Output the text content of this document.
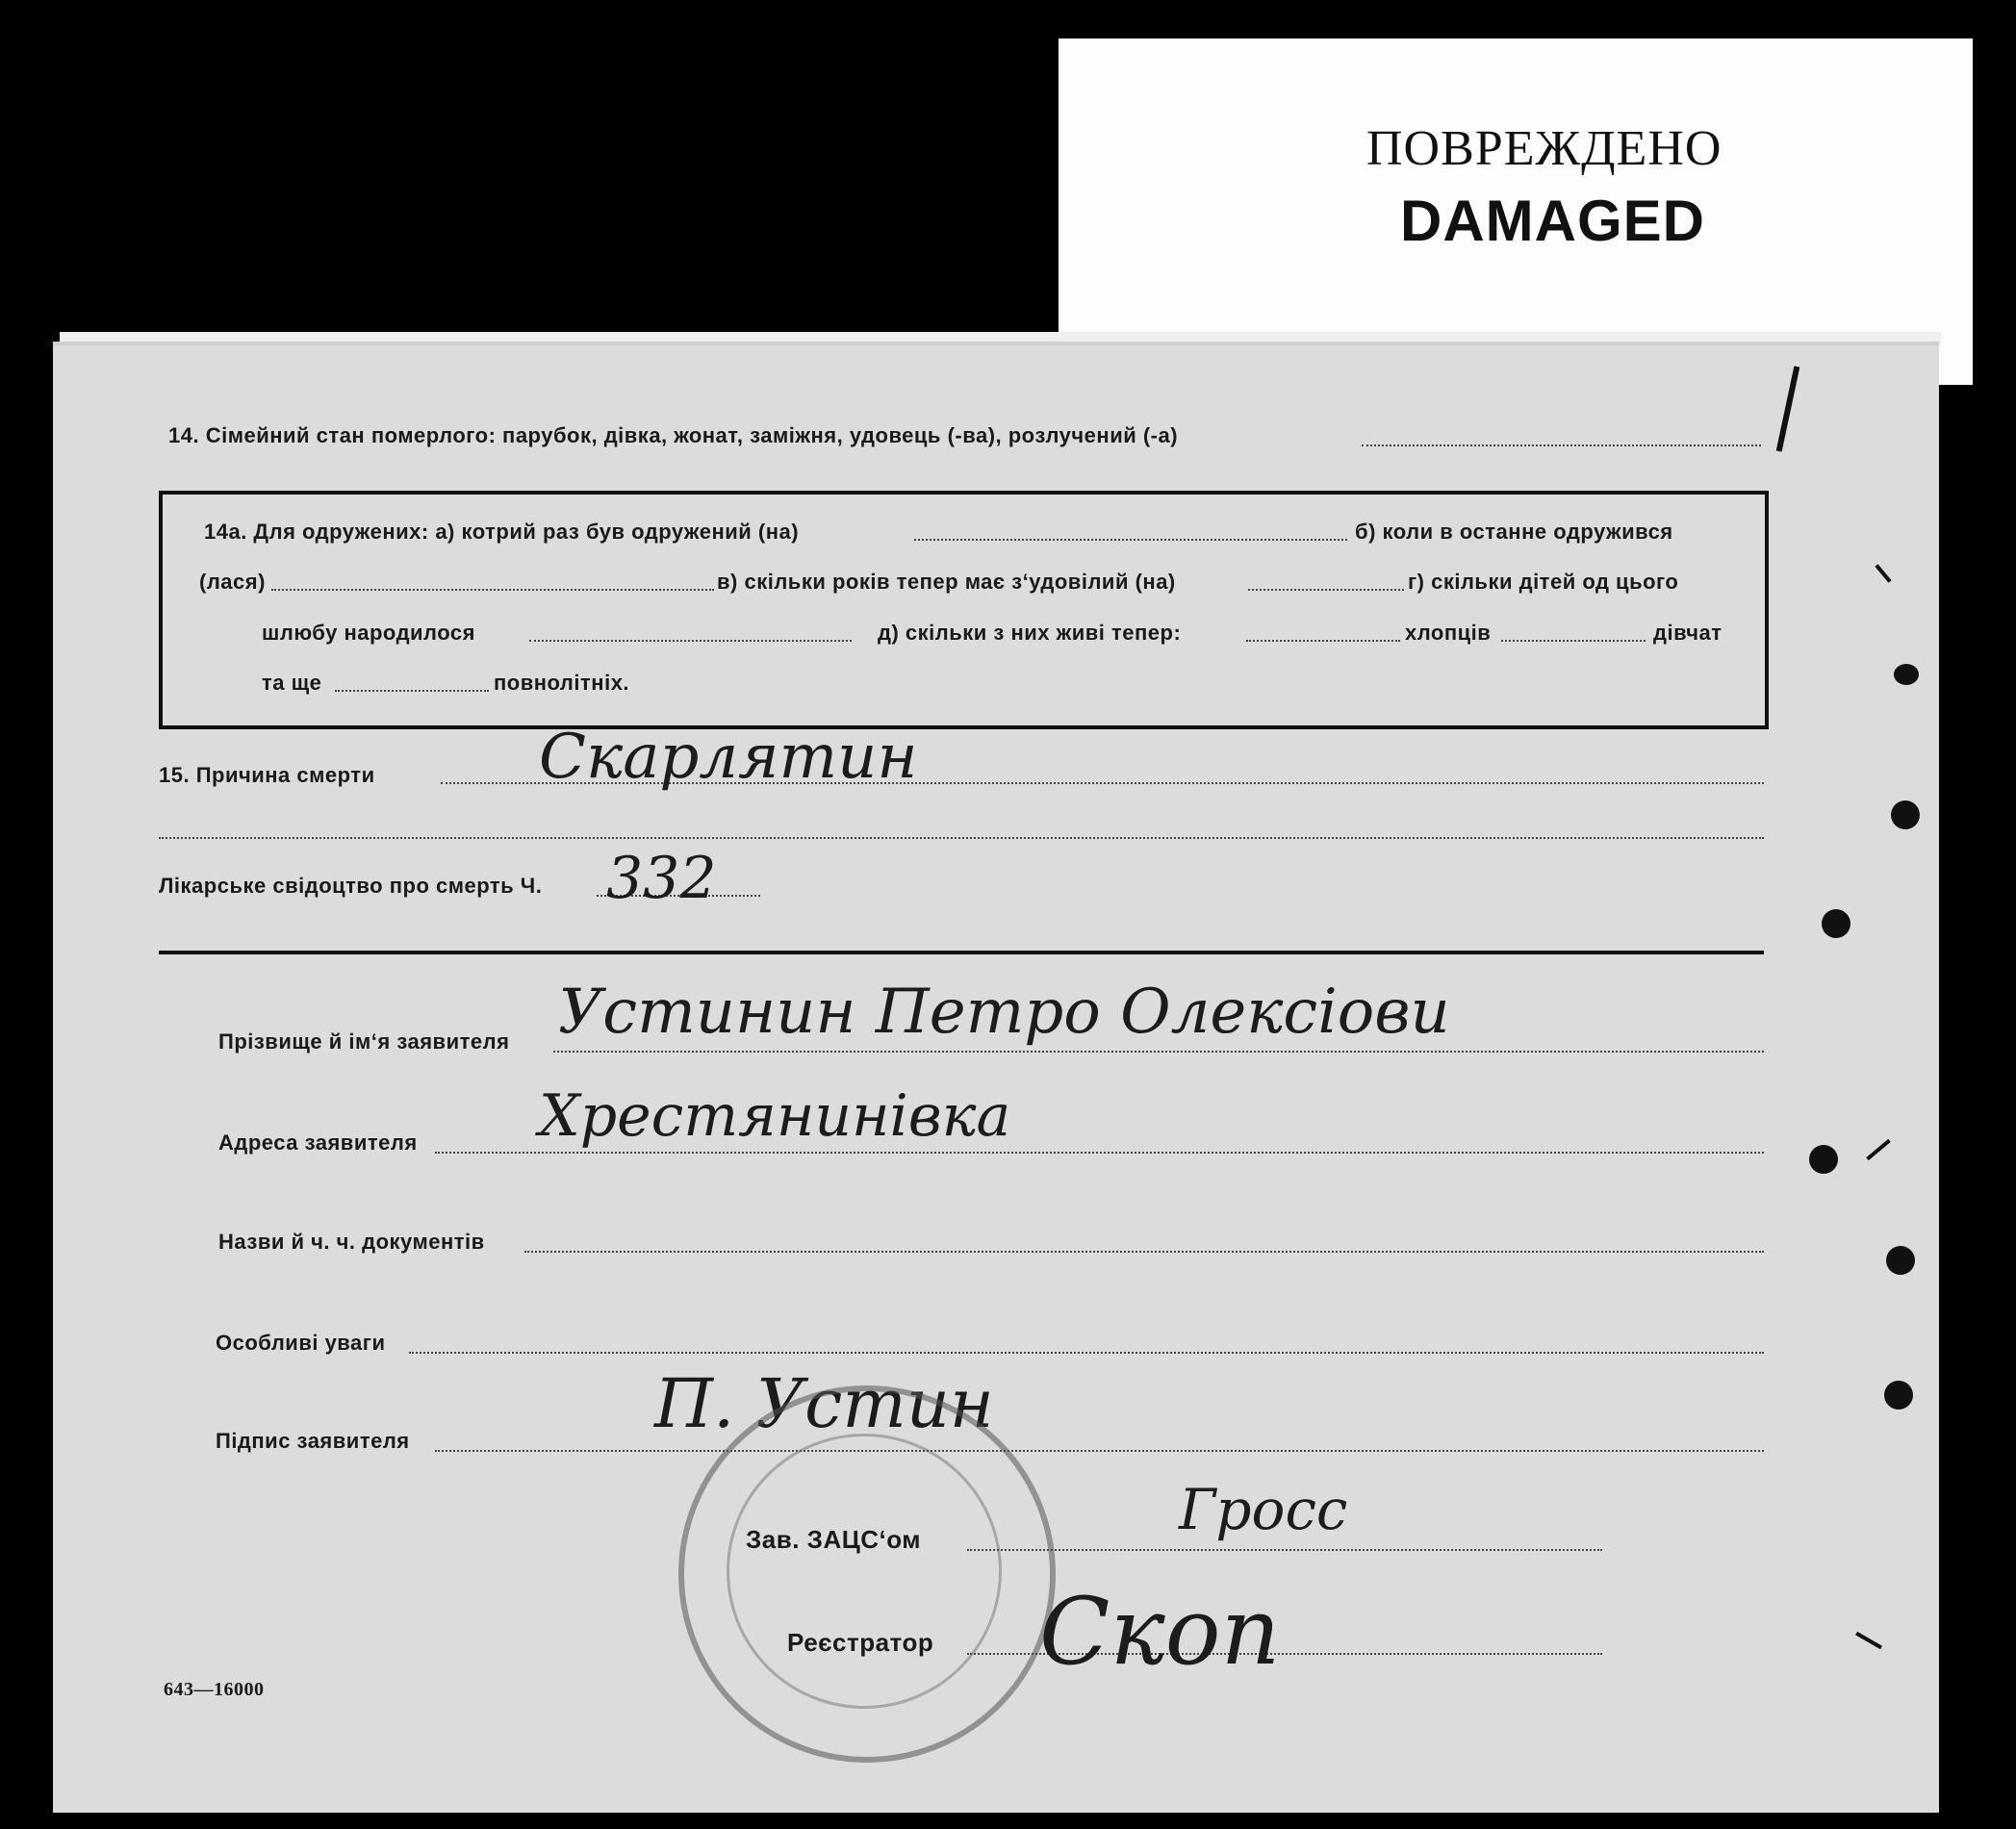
ПОВРЕЖДЕНО
DAMAGED
14. Сімейний стан померлого: парубок, дівка, жонат, заміжня, удовець (-ва), розлучений (-а)
14а. Для одружених: а) котрий раз був одружений (на)	б) коли в останне одружився
(лася)	в) скільки років тепер має з‘удовілий (на)	г) скільки дітей од цього
шлюбу народилося	д) скільки з них живі тепер:	хлопців	дівчат
та ще	повнолітніх.
15. Причина смерти	Скарлятин
Лікарське свідоцтво про смерть Ч. 332
Прізвище й ім‘я заявителя Устинин Петро Олексіови
Адреса заявителя Хрестянинівка
Назви й ч. ч. документів
Особливі уваги
Підпис заявителя	П. Устин
Зав. ЗАЦС‘ом	Гросс
Реєстратор Скоп
643—16000
